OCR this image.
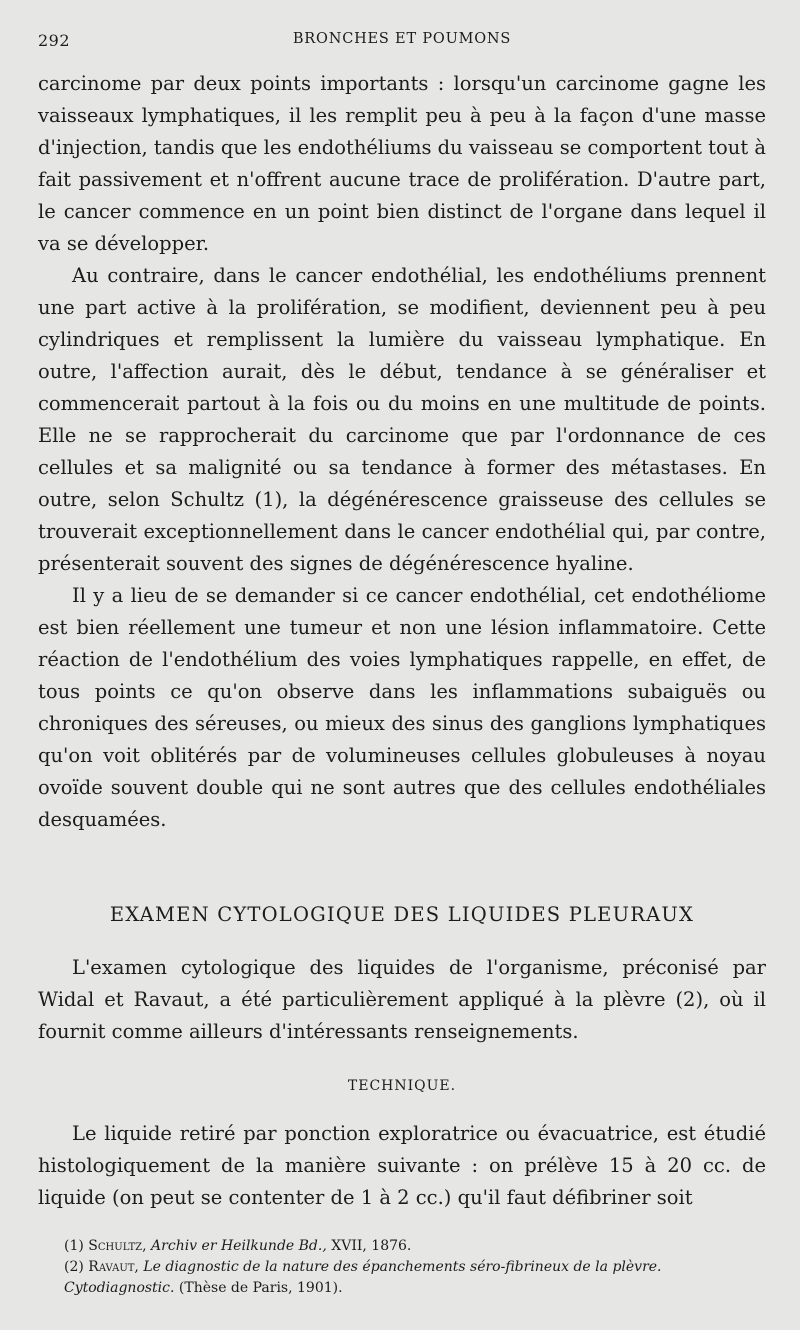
292	BRONCHES ET POUMONS

carcinome par deux points importants : lorsqu'un carcinome gagne les vaisseaux lymphatiques, il les remplit peu à peu à la façon d'une masse d'injection, tandis que les endothéliums du vaisseau se comportent tout à fait passivement et n'offrent aucune trace de prolifération. D'autre part, le cancer commence en un point bien distinct de l'organe dans lequel il va se développer.

Au contraire, dans le cancer endothélial, les endothéliums prennent une part active à la prolifération, se modifient, deviennent peu à peu cylindriques et remplissent la lumière du vaisseau lymphatique. En outre, l'affection aurait, dès le début, tendance à se généraliser et commencerait partout à la fois ou du moins en une multitude de points. Elle ne se rapprocherait du carcinome que par l'ordonnance de ces cellules et sa malignité ou sa tendance à former des métastases. En outre, selon Schultz (1), la dégénérescence graisseuse des cellules se trouverait exceptionnellement dans le cancer endothélial qui, par contre, présenterait souvent des signes de dégénérescence hyaline.

Il y a lieu de se demander si ce cancer endothélial, cet endothéliome est bien réellement une tumeur et non une lésion inflammatoire. Cette réaction de l'endothélium des voies lymphatiques rappelle, en effet, de tous points ce qu'on observe dans les inflammations subaiguës ou chroniques des séreuses, ou mieux des sinus des ganglions lymphatiques qu'on voit oblitérés par de volumineuses cellules globuleuses à noyau ovoïde souvent double qui ne sont autres que des cellules endothéliales desquamées.

EXAMEN CYTOLOGIQUE DES LIQUIDES PLEURAUX

L'examen cytologique des liquides de l'organisme, préconisé par Widal et Ravaut, a été particulièrement appliqué à la plèvre (2), où il fournit comme ailleurs d'intéressants renseignements.

TECHNIQUE.

Le liquide retiré par ponction exploratrice ou évacuatrice, est étudié histologiquement de la manière suivante : on prélève 15 à 20 cc. de liquide (on peut se contenter de 1 à 2 cc.) qu'il faut défibriner soit

(1) Schultz, Archiv er Heilkunde Bd., XVII, 1876.

(2) Ravaut, Le diagnostic de la nature des épanchements séro-fibrineux de la plèvre. Cytodiagnostic. (Thèse de Paris, 1901).
